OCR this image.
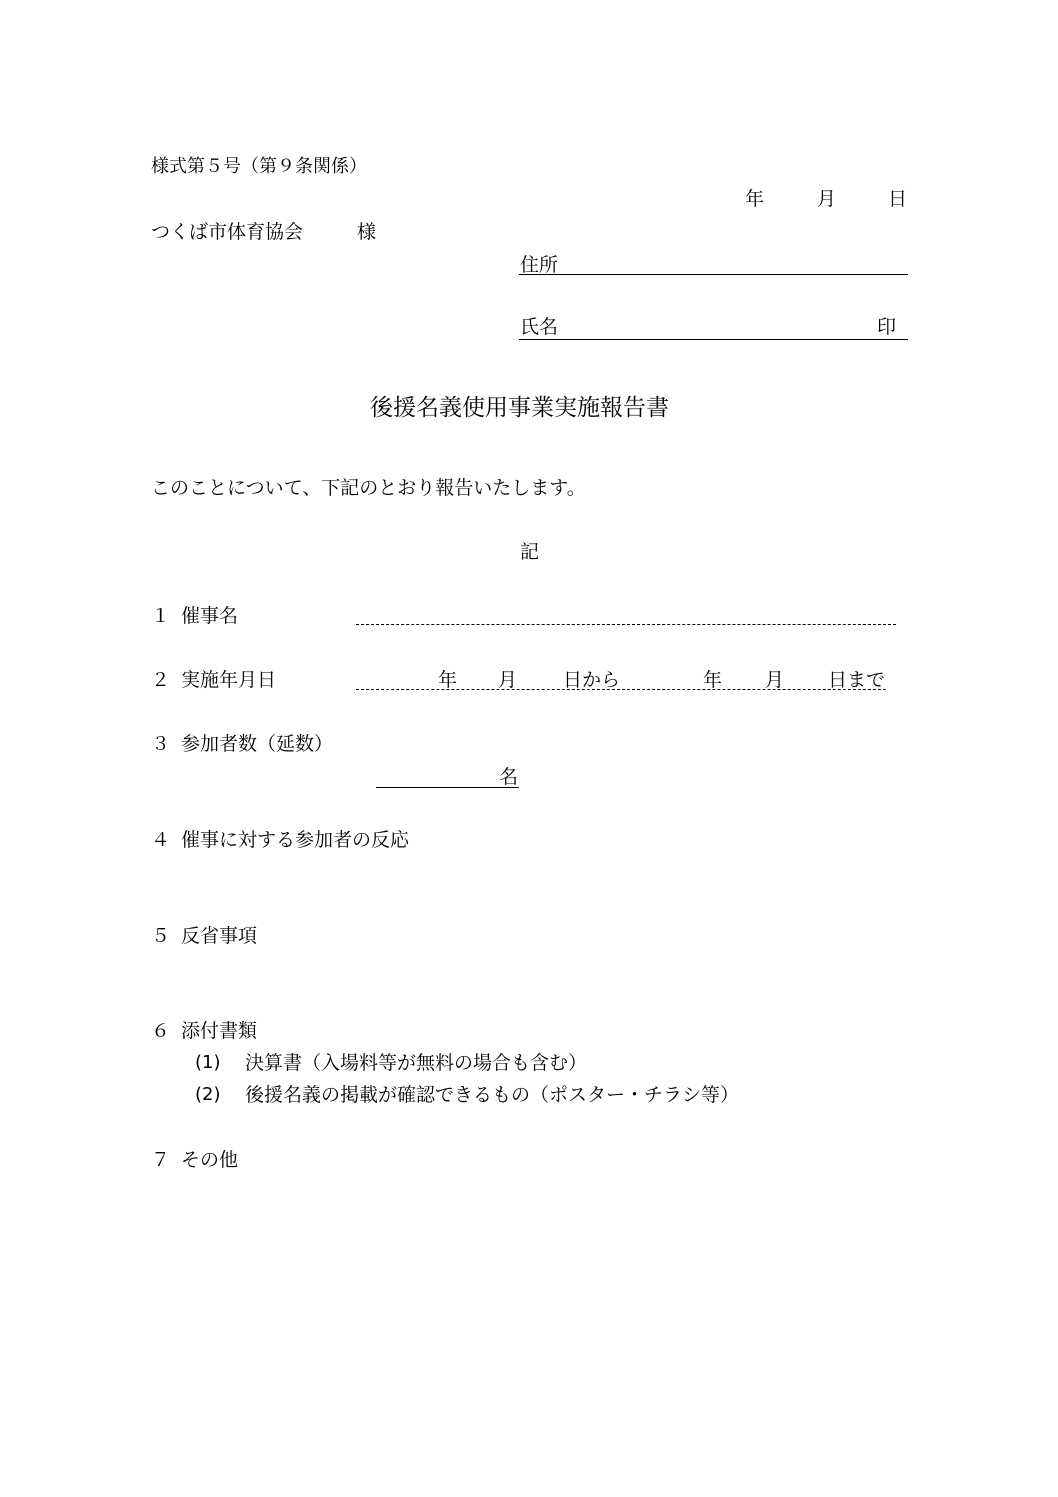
様式第５号（第９条関係）
年	月	日
つくば市体育協会	様
住所
氏名	印
後援名義使用事業実施報告書
このことについて、下記のとおり報告いたします。
記
１ 催事名
２ 実施年月日	年 月 日から	年 月 日まで
３ 参加者数（延数）
名
４ 催事に対する参加者の反応
５ 反省事項
６ 添付書類
(1) 決算書（入場料等が無料の場合も含む）
(2) 後援名義の掲載が確認できるもの（ポスター・チラシ等）
７ その他
